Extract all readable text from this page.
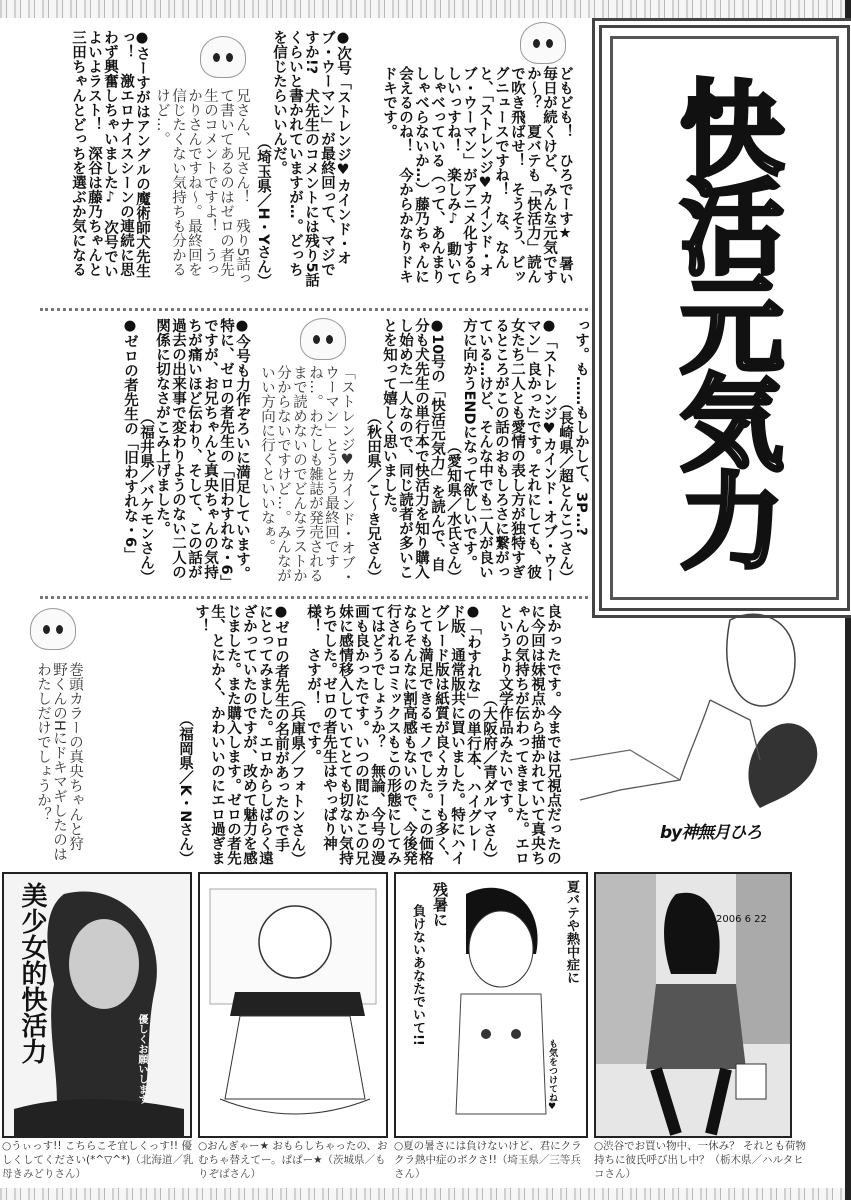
快活元気力

どもども！　ひろでーす★　暑い毎日が続くけど、みんな元気ですか～？　夏バテも「快活力」読んで吹き飛ばせ！　そうそう、ビッグニュースですね！　な、なんと、「ストレンジ♥カインド・オブ・ウーマン」がアニメ化するらしいっすね！　楽しみ♪　動いてしゃべっている（って、あんまりしゃべらないか…）藤乃ちゃんに会えるのね！　今からかなりドキドキです。

●次号「ストレンジ♥カインド・オブ・ウーマン」が最終回って、マジですか!?　犬先生のコメントには残り5話くらいと書かれていますが…。どっちを信じたらいいんだ。

（埼玉県／H・Yさん）

兄さん、兄さん！　残り5話って書いてあるのはゼロの者先生のコメントですよ！　うっかりさんですね～。最終回を信じたくない気持ちも分かるけど…。

●さーすがはアングルの魔術師犬先生っ！　激エロナイスシーンの連続に思わず興奮しちゃいました♪　次号でいよいよラスト！　深谷は藤乃ちゃんと三田ちゃんとどっちを選ぶか気になる

っす。も……もしかして、3P…?

（長崎県／超とんこつさん）

●「ストレンジ♥カインド・オブ・ウーマン」良かったです。それにしても、彼女たち二人とも愛情の表し方が独特すぎるところがこの話のおもしろさに繋がっている…けど、そんな中でも二人が良い方に向かうENDになって欲しいです。

（愛知県／水氏さん）

●10号の「快活元気力」を読んで、自分も犬先生の単行本で快活力を知り購入し始めた一人なので、同じ読者が多いことを知って嬉しく思いました。

（秋田県／こ～き兄さん）

「ストレンジ♥カインド・オブ・ウーマン」とうとう最終回ですね…。わたしも雑誌が発売されるまで読めないのでどんなラストか分からないですけど…。みんながいい方向に行くといいなぁ。

●今号も力作ぞろいに満足しています。特に、ゼロの者先生の「旧わすれな・6」ですが、お兄ちゃんと真央ちゃんの気持ちが痛いほど伝わり、そして、この話が過去の出来事で変わりようのない二人の関係に切なさがこみ上げました。

（福井県／バケモンさん）

●ゼロの者先生の「旧わすれな・6」

良かったです。今までは兄視点だったのに今回は妹視点から描かれていて真央ちゃんの気持ちが伝わってきました。エロというより文学作品みたいです。

（大阪府／青ダルマさん）

●「わすれな」の単行本、ハイグレード版、通常版共に買いました。特にハイグレード版は紙質が良くカラーも多く、とても満足できるモノでした。この価格ならそんなに割高感もないので、今後発行されるコミックスもこの形態にしてみてはどうでしょうか？　無論、今号の漫画も良かったです。いつの間にかこの兄妹に感情移入していてとても切ない気持ちでした。ゼロの者先生はやっぱり神様！　さすが！　です。

（兵庫県／フォトンさん）

●ゼロの者先生の名前があったので手にとってみました。エロからしばらく遠ざかっていたのですが、改めて魅力を感じました。また購入します。ゼロの者先生、とにかく、かわいいのにエロ過ぎます！

（福岡県／K・Nさん）

巻頭カラーの真央ちゃんと狩野くんのHにドキマギしたのはわたしだけでしょうか？

by神無月ひろ
美少女的快活力	優しくお願いします
夏バテや熱中症に
負けないあなたでいて!! 残暑に
も気をつけてね♥
2006 6 22
○うぃっす!! こちらこそ宜しくっす!! 優しくしてください(*^▽^*)（北海道／乳母きみどりさん）
○おんぎゃー★ おもらしちゃったの、おむちゃ替えてー。ぱぱー★（茨城県／もりぞばさん）
○夏の暑さには負けないけど、君にクラクラ熱中症のボクさ!!（埼玉県／三等兵さん）
○渋谷でお買い物中、一休み？ それとも荷物持ちに彼氏呼び出し中？（栃木県／ハルタヒコさん）
